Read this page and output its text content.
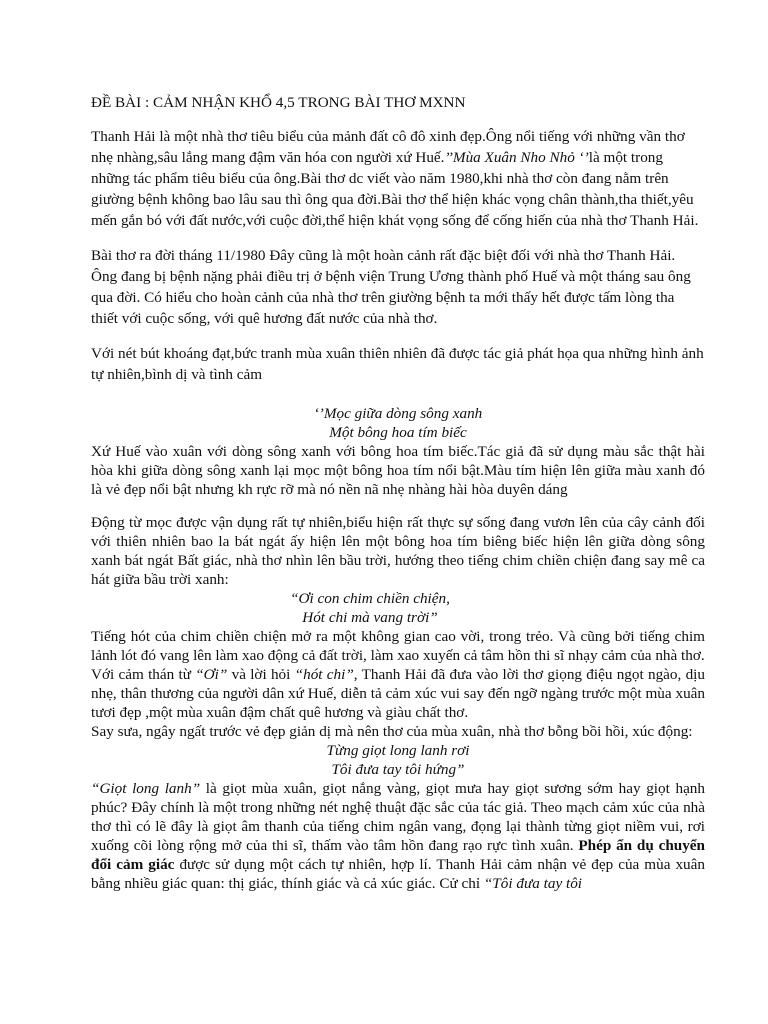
ĐỀ BÀI : CẢM NHẬN KHỔ 4,5 TRONG BÀI THƠ MXNN

Thanh Hải là một nhà thơ tiêu biểu của mảnh đất cô đô xinh đẹp.Ông nổi tiếng với những vần thơ nhẹ nhàng,sâu lắng mang đậm văn hóa con người xứ Huế.’’Mùa Xuân Nho Nhỏ ‘’là một trong những tác phẩm tiêu biểu của ông.Bài thơ dc viết vào năm 1980,khi nhà thơ còn đang nằm trên giường bệnh không bao lâu sau thì ông qua đời.Bài thơ thể hiện khác vọng chân thành,tha thiết,yêu mến gắn bó với đất nước,với cuộc đời,thể hiện khát vọng sống để cống hiến của nhà thơ Thanh Hải.

Bài thơ ra đời tháng 11/1980 Đây cũng là một hoàn cảnh rất đặc biệt đối với nhà thơ Thanh Hải. Ông đang bị bệnh nặng phải điều trị ở bệnh viện Trung Ương thành phố Huế và một tháng sau ông qua đời. Có hiểu cho hoàn cảnh của nhà thơ trên giường bệnh ta mới thấy hết được tấm lòng tha thiết với cuộc sống, với quê hương đất nước của nhà thơ.

Với nét bút khoáng đạt,bức tranh mùa xuân thiên nhiên đã được tác giả phát họa qua những hình ảnh tự nhiên,bình dị và tình cảm

‘’Mọc giữa dòng sông xanh

Một bông hoa tím biếc

Xứ Huế vào xuân với dòng sông xanh với bông hoa tím biếc.Tác giả đã sử dụng màu sắc thật hài hòa khi giữa dòng sông xanh lại mọc một bông hoa tím nổi bật.Màu tím hiện lên giữa màu xanh đó là vẻ đẹp nổi bật nhưng kh rực rỡ mà nó nền nã nhẹ nhàng hài hòa duyên dáng

Động từ mọc được vận dụng rất tự nhiên,biểu hiện rất thực sự sống đang vươn lên của cây cảnh đối với thiên nhiên bao la bát ngát ấy hiện lên một bông hoa tím biêng biếc hiện lên giữa dòng sông xanh bát ngát Bất giác, nhà thơ nhìn lên bầu trời, hướng theo tiếng chim chiền chiện đang say mê ca hát giữa bầu trời xanh:

“Ơi con chim chiền chiện,

Hót chi mà vang trời”

Tiếng hót của chim chiền chiện mở ra một không gian cao vời, trong trẻo. Và cũng bởi tiếng chim lảnh lót đó vang lên làm xao động cả đất trời, làm xao xuyến cả tâm hồn thi sĩ nhạy cảm của nhà thơ.

Với cảm thán từ “Ơi” và lời hỏi “hót chi”, Thanh Hải đã đưa vào lời thơ giọng điệu ngọt ngào, dịu nhẹ, thân thương của người dân xứ Huế, diễn tả cảm xúc vui say đến ngỡ ngàng trước một mùa xuân tươi đẹp ,một mùa xuân đậm chất quê hương và giàu chất thơ.

Say sưa, ngây ngất trước vẻ đẹp giản dị mà nên thơ của mùa xuân, nhà thơ bỗng bồi hồi, xúc động:

Từng giọt long lanh rơi

Tôi đưa tay tôi hứng”

“Giọt long lanh” là giọt mùa xuân, giọt nắng vàng, giọt mưa hay giọt sương sớm hay giọt hạnh phúc? Đây chính là một trong những nét nghệ thuật đặc sắc của tác giả. Theo mạch cảm xúc của nhà thơ thì có lẽ đây là giọt âm thanh của tiếng chim ngân vang, đọng lại thành từng giọt niềm vui, rơi xuống cõi lòng rộng mở của thi sĩ, thấm vào tâm hồn đang rạo rực tình xuân. Phép ẩn dụ chuyển đổi cảm giác được sử dụng một cách tự nhiên, hợp lí. Thanh Hải cảm nhận vẻ đẹp của mùa xuân bằng nhiều giác quan: thị giác, thính giác và cả xúc giác. Cử chỉ “Tôi đưa tay tôi
